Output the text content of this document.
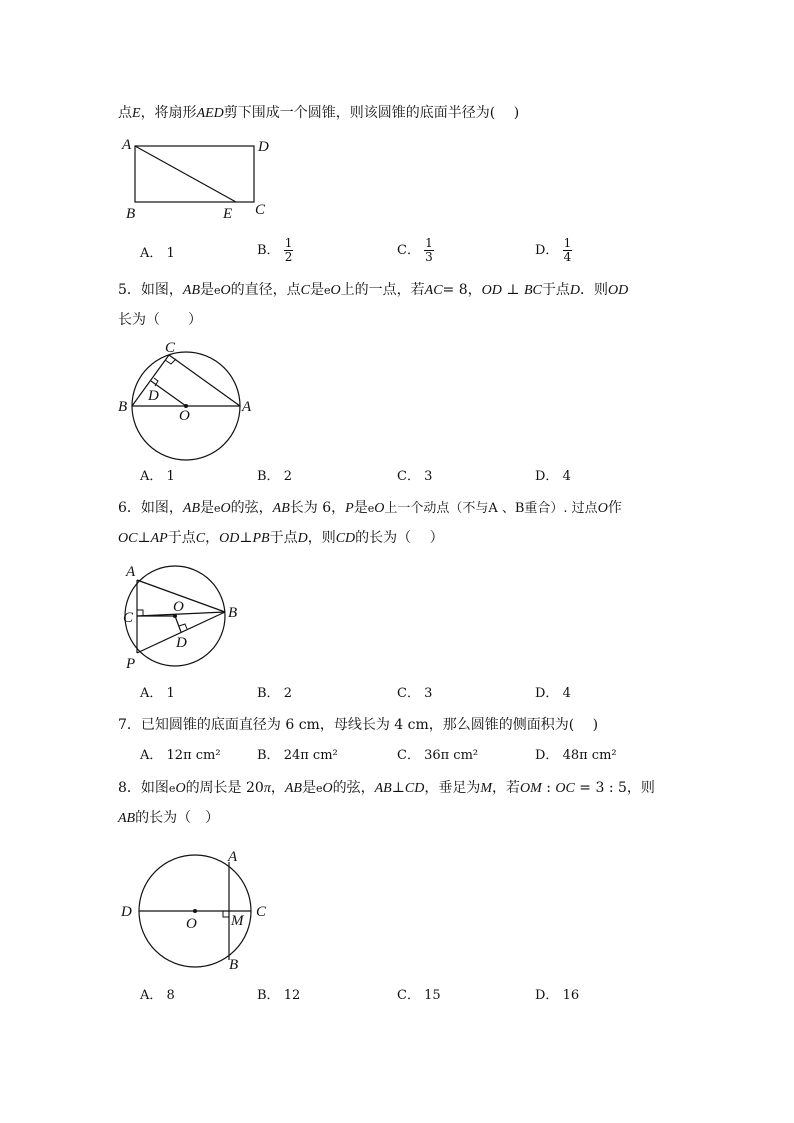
点E，将扇形AED剪下围成一个圆锥，则该圆锥的底面半径为(　 )
A	D
B	E C
A． 1	B． $\frac{1}{2}$	C． $\frac{1}{3}$	D． $\frac{1}{4}$
5．如图，AB是eO的直径，点C是eO上的一点，若AC= 8，OD ⊥ BC于点D．则OD
长为（　　）
C
D
B	A
O
A． 1	B． 2	C． 3	D． 4
6．如图，AB是eO的弦，AB长为 6，P是eO上一个动点（不与A 、B重合）. 过点O作
OC⊥AP于点C，OD⊥PB于点D，则CD的长为（　 ）
A
C
O	B
D
P
A． 1	B． 2	C． 3	D． 4
7．已知圆锥的底面直径为 6 cm，母线长为 4 cm，那么圆锥的侧面积为(　 )
A． 12π cm²	B． 24π cm²	C． 36π cm²	D． 48π cm²
8．如图eO的周长是 20π，AB是eO的弦，AB⊥CD，垂足为M，若OM : OC = 3 : 5，则
AB的长为（　）
A
D	C
O M
B
A． 8	B． 12	C． 15	D． 16
